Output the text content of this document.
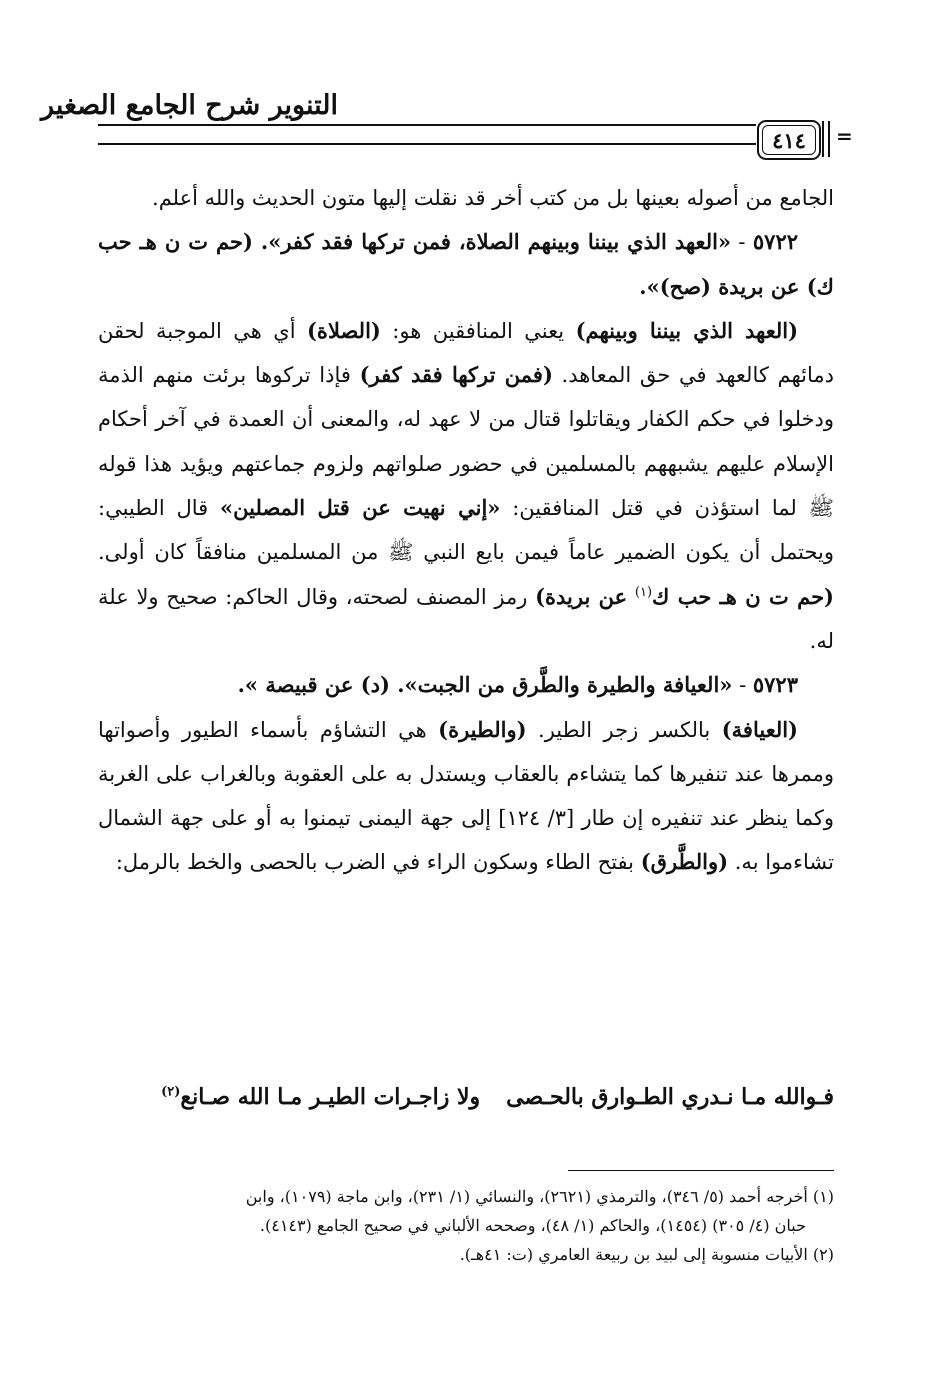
التنوير شرح الجامع الصغير
٤١٤ =

الجامع من أصوله بعينها بل من كتب أخر قد نقلت إليها متون الحديث والله أعلم.

٥٧٢٢ - «العهد الذي بيننا وبينهم الصلاة، فمن تركها فقد كفر». (حم ت ن هـ حب ك) عن بريدة (صح)».

(العهد الذي بيننا وبينهم) يعني المنافقين هو: (الصلاة) أي هي الموجبة لحقن دمائهم كالعهد في حق المعاهد. (فمن تركها فقد كفر) فإذا تركوها برئت منهم الذمة ودخلوا في حكم الكفار ويقاتلوا قتال من لا عهد له، والمعنى أن العمدة في آخر أحكام الإسلام عليهم يشبههم بالمسلمين في حضور صلواتهم ولزوم جماعتهم ويؤيد هذا قوله ﷺ لما استؤذن في قتل المنافقين: «إني نهيت عن قتل المصلين» قال الطيبي: ويحتمل أن يكون الضمير عاماً فيمن بايع النبي ﷺ من المسلمين منافقاً كان أولى. (حم ت ن هـ حب ك$^{(١)}$ عن بريدة) رمز المصنف لصحته، وقال الحاكم: صحيح ولا علة له.

٥٧٢٣ - «العيافة والطيرة والطَّرق من الجبت». (د) عن قبيصة ».

(العيافة) بالكسر زجر الطير. (والطيرة) هي التشاؤم بأسماء الطيور وأصواتها وممرها عند تنفيرها كما يتشاءم بالعقاب ويستدل به على العقوبة وبالغراب على الغربة وكما ينظر عند تنفيره إن طار [٣/ ١٢٤] إلى جهة اليمنى تيمنوا به أو على جهة الشمال تشاءموا به. (والطَّرق) بفتح الطاء وسكون الراء في الضرب بالحصى والخط بالرمل:

فـوالله مـا نـدري الطـوارق بالحـصى
ولا زاجـرات الطيـر مـا الله صـانع$^{(٢)}$

(١) أخرجه أحمد (٥/ ٣٤٦)، والترمذي (٢٦٢١)، والنسائي (١/ ٢٣١)، وابن ماجة (١٠٧٩)، وابن

حبان (٤/ ٣٠٥) (١٤٥٤)، والحاكم (١/ ٤٨)، وصححه الألباني في صحيح الجامع (٤١٤٣).

(٢) الأبيات منسوبة إلى لبيد بن ربيعة العامري (ت: ٤١هـ).
